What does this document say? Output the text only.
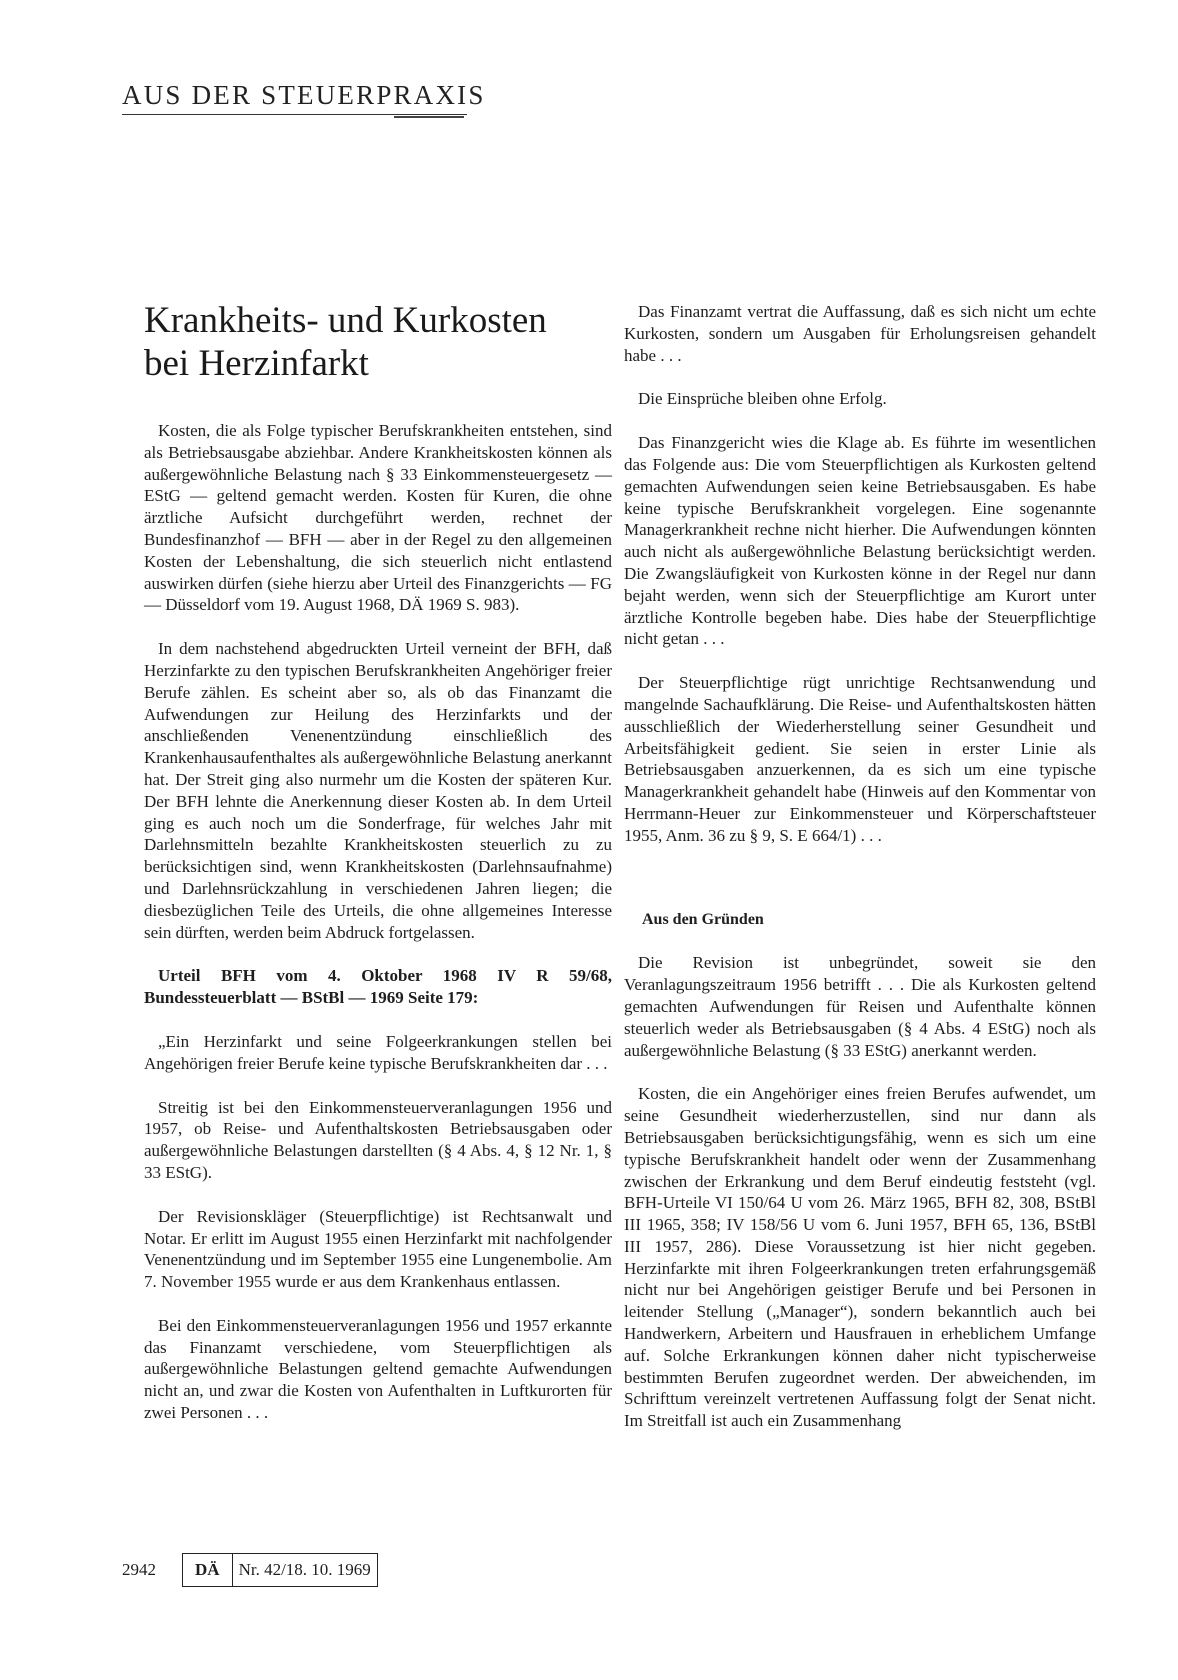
AUS DER STEUERPRAXIS
Krankheits- und Kurkosten
bei Herzinfarkt

Kosten, die als Folge typischer Berufskrankheiten entstehen, sind als Betriebsausgabe abziehbar. Andere Krankheitskosten können als außergewöhnliche Belastung nach § 33 Einkommensteuergesetz — EStG — geltend gemacht werden. Kosten für Kuren, die ohne ärztliche Aufsicht durchgeführt werden, rechnet der Bundesfinanzhof — BFH — aber in der Regel zu den allgemeinen Kosten der Lebenshaltung, die sich steuerlich nicht entlastend auswirken dürfen (siehe hierzu aber Urteil des Finanzgerichts — FG — Düsseldorf vom 19. August 1968, DÄ 1969 S. 983).

In dem nachstehend abgedruckten Urteil verneint der BFH, daß Herzinfarkte zu den typischen Berufskrankheiten Angehöriger freier Berufe zählen. Es scheint aber so, als ob das Finanzamt die Aufwendungen zur Heilung des Herzinfarkts und der anschließenden Venenentzündung einschließlich des Krankenhausaufenthaltes als außergewöhnliche Belastung anerkannt hat. Der Streit ging also nurmehr um die Kosten der späteren Kur. Der BFH lehnte die Anerkennung dieser Kosten ab. In dem Urteil ging es auch noch um die Sonderfrage, für welches Jahr mit Darlehnsmitteln bezahlte Krankheitskosten steuerlich zu zu berücksichtigen sind, wenn Krankheitskosten (Darlehnsaufnahme) und Darlehnsrückzahlung in verschiedenen Jahren liegen; die diesbezüglichen Teile des Urteils, die ohne allgemeines Interesse sein dürften, werden beim Abdruck fortgelassen.

Urteil BFH vom 4. Oktober 1968 IV R 59/68, Bundessteuerblatt — BStBl — 1969 Seite 179:

„Ein Herzinfarkt und seine Folgeerkrankungen stellen bei Angehörigen freier Berufe keine typische Berufskrankheiten dar . . .

Streitig ist bei den Einkommensteuerveranlagungen 1956 und 1957, ob Reise- und Aufenthaltskosten Betriebsausgaben oder außergewöhnliche Belastungen darstellten (§ 4 Abs. 4, § 12 Nr. 1, § 33 EStG).

Der Revisionskläger (Steuerpflichtige) ist Rechtsanwalt und Notar. Er erlitt im August 1955 einen Herzinfarkt mit nachfolgender Venenentzündung und im September 1955 eine Lungenembolie. Am 7. November 1955 wurde er aus dem Krankenhaus entlassen.

Bei den Einkommensteuerveranlagungen 1956 und 1957 erkannte das Finanzamt verschiedene, vom Steuerpflichtigen als außergewöhnliche Belastungen geltend gemachte Aufwendungen nicht an, und zwar die Kosten von Aufenthalten in Luftkurorten für zwei Personen . . .

Das Finanzamt vertrat die Auffassung, daß es sich nicht um echte Kurkosten, sondern um Ausgaben für Erholungsreisen gehandelt habe . . .

Die Einsprüche bleiben ohne Erfolg.

Das Finanzgericht wies die Klage ab. Es führte im wesentlichen das Folgende aus: Die vom Steuerpflichtigen als Kurkosten geltend gemachten Aufwendungen seien keine Betriebsausgaben. Es habe keine typische Berufskrankheit vorgelegen. Eine sogenannte Managerkrankheit rechne nicht hierher. Die Aufwendungen könnten auch nicht als außergewöhnliche Belastung berücksichtigt werden. Die Zwangsläufigkeit von Kurkosten könne in der Regel nur dann bejaht werden, wenn sich der Steuerpflichtige am Kurort unter ärztliche Kontrolle begeben habe. Dies habe der Steuerpflichtige nicht getan . . .

Der Steuerpflichtige rügt unrichtige Rechtsanwendung und mangelnde Sachaufklärung. Die Reise- und Aufenthaltskosten hätten ausschließlich der Wiederherstellung seiner Gesundheit und Arbeitsfähigkeit gedient. Sie seien in erster Linie als Betriebsausgaben anzuerkennen, da es sich um eine typische Managerkrankheit gehandelt habe (Hinweis auf den Kommentar von Herrmann-Heuer zur Einkommensteuer und Körperschaftsteuer 1955, Anm. 36 zu § 9, S. E 664/1) . . .

Aus den Gründen

Die Revision ist unbegründet, soweit sie den Veranlagungszeitraum 1956 betrifft . . . Die als Kurkosten geltend gemachten Aufwendungen für Reisen und Aufenthalte können steuerlich weder als Betriebsausgaben (§ 4 Abs. 4 EStG) noch als außergewöhnliche Belastung (§ 33 EStG) anerkannt werden.

Kosten, die ein Angehöriger eines freien Berufes aufwendet, um seine Gesundheit wiederherzustellen, sind nur dann als Betriebsausgaben berücksichtigungsfähig, wenn es sich um eine typische Berufskrankheit handelt oder wenn der Zusammenhang zwischen der Erkrankung und dem Beruf eindeutig feststeht (vgl. BFH-Urteile VI 150/64 U vom 26. März 1965, BFH 82, 308, BStBl III 1965, 358; IV 158/56 U vom 6. Juni 1957, BFH 65, 136, BStBl III 1957, 286). Diese Voraussetzung ist hier nicht gegeben. Herzinfarkte mit ihren Folgeerkrankungen treten erfahrungsgemäß nicht nur bei Angehörigen geistiger Berufe und bei Personen in leitender Stellung („Manager“), sondern bekanntlich auch bei Handwerkern, Arbeitern und Hausfrauen in erheblichem Umfange auf. Solche Erkrankungen können daher nicht typischerweise bestimmten Berufen zugeordnet werden. Der abweichenden, im Schrifttum vereinzelt vertretenen Auffassung folgt der Senat nicht. Im Streitfall ist auch ein Zusammenhang

2942	DÄ	Nr. 42/18. 10. 1969
